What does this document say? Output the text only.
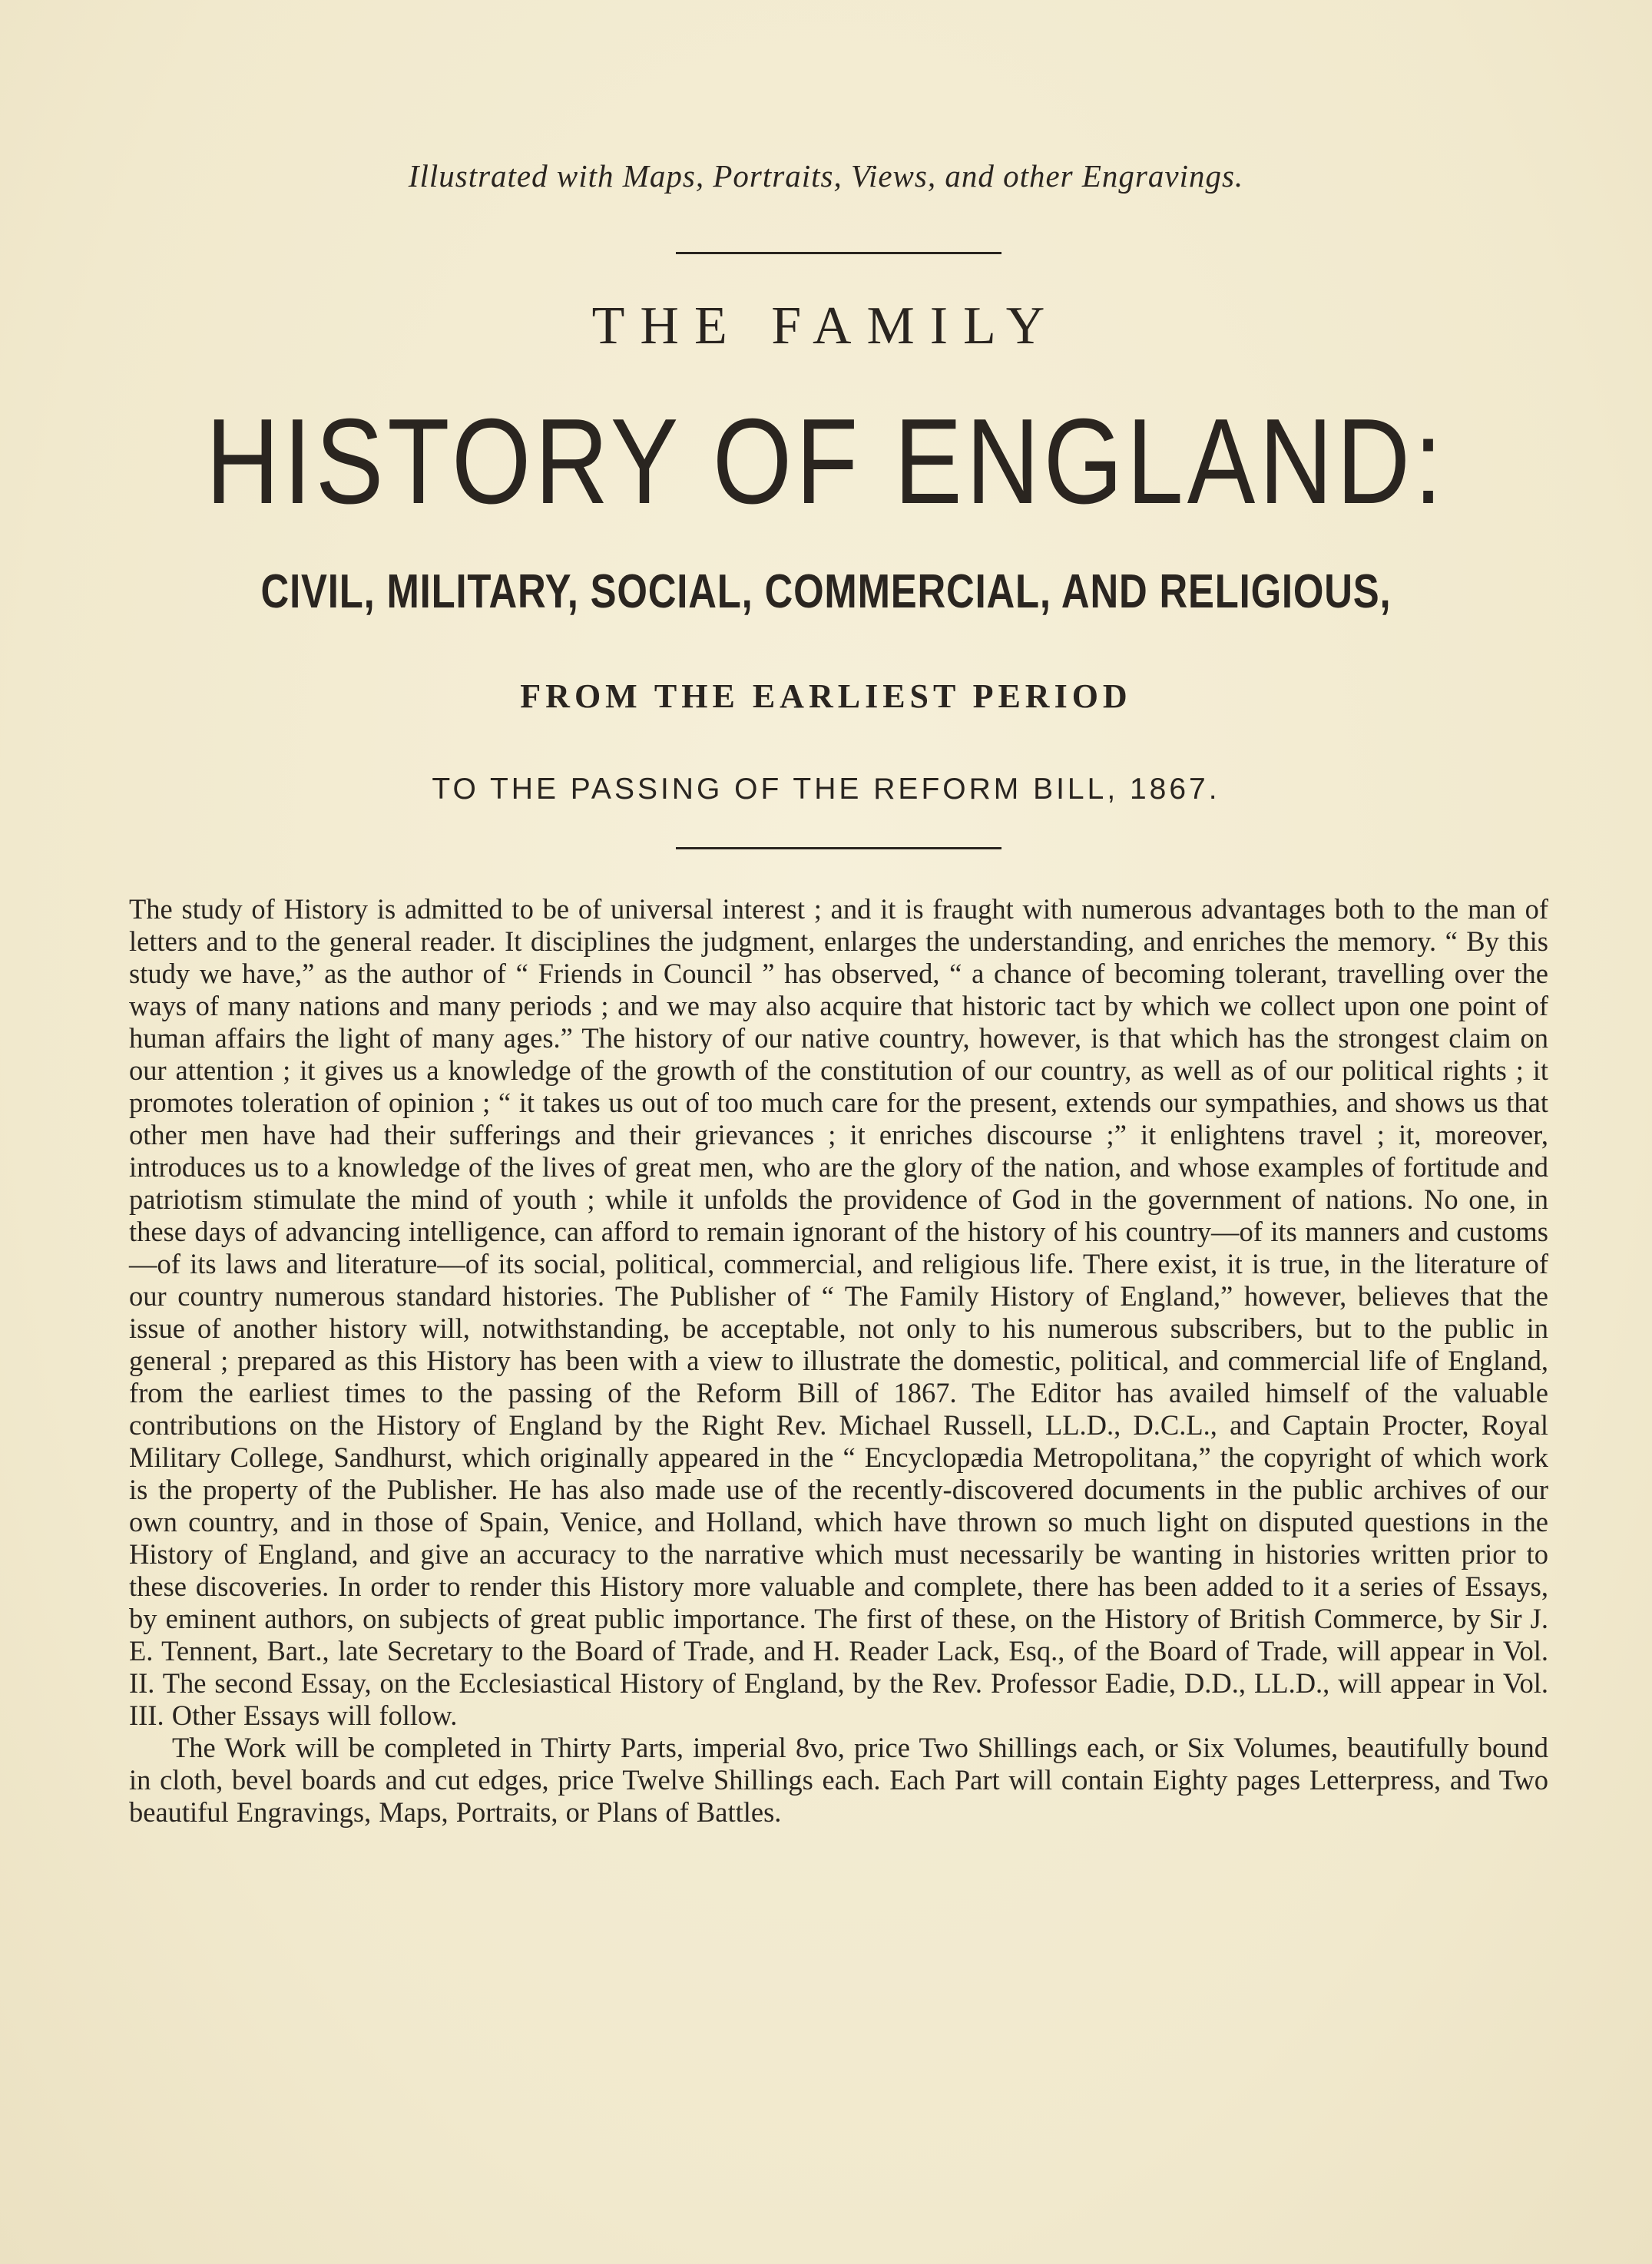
Illustrated with Maps, Portraits, Views, and other Engravings.
THE FAMILY
HISTORY OF ENGLAND:
CIVIL, MILITARY, SOCIAL, COMMERCIAL, AND RELIGIOUS,
FROM THE EARLIEST PERIOD
TO THE PASSING OF THE REFORM BILL, 1867.

The study of History is admitted to be of universal interest ; and it is fraught with numerous advantages both to the man of letters and to the general reader. It disciplines the judgment, enlarges the understanding, and enriches the memory. “ By this study we have,” as the author of “ Friends in Council ” has observed, “ a chance of becoming tolerant, travelling over the ways of many nations and many periods ; and we may also acquire that historic tact by which we collect upon one point of human affairs the light of many ages.” The history of our native country, however, is that which has the strongest claim on our attention ; it gives us a knowledge of the growth of the constitution of our country, as well as of our political rights ; it promotes toleration of opinion ; “ it takes us out of too much care for the present, extends our sympathies, and shows us that other men have had their sufferings and their grievances ; it enriches discourse ;” it enlightens travel ; it, moreover, introduces us to a knowledge of the lives of great men, who are the glory of the nation, and whose examples of fortitude and patriotism stimulate the mind of youth ; while it unfolds the providence of God in the government of nations. No one, in these days of advancing intelligence, can afford to remain ignorant of the history of his country—of its manners and customs—of its laws and literature—of its social, political, commercial, and religious life. There exist, it is true, in the literature of our country numerous standard histories. The Publisher of “ The Family History of England,” however, believes that the issue of another history will, notwithstanding, be acceptable, not only to his numerous subscribers, but to the public in general ; prepared as this History has been with a view to illustrate the domestic, political, and commercial life of England, from the earliest times to the passing of the Reform Bill of 1867. The Editor has availed himself of the valuable contributions on the History of England by the Right Rev. Michael Russell, LL.D., D.C.L., and Captain Procter, Royal Military College, Sandhurst, which originally appeared in the “ Encyclopædia Metropolitana,” the copyright of which work is the property of the Publisher. He has also made use of the recently-discovered documents in the public archives of our own country, and in those of Spain, Venice, and Holland, which have thrown so much light on disputed questions in the History of England, and give an accuracy to the narrative which must necessarily be wanting in histories written prior to these discoveries. In order to render this History more valuable and complete, there has been added to it a series of Essays, by eminent authors, on subjects of great public importance. The first of these, on the History of British Commerce, by Sir J. E. Tennent, Bart., late Secretary to the Board of Trade, and H. Reader Lack, Esq., of the Board of Trade, will appear in Vol. II. The second Essay, on the Ecclesiastical History of England, by the Rev. Professor Eadie, D.D., LL.D., will appear in Vol. III. Other Essays will follow.

The Work will be completed in Thirty Parts, imperial 8vo, price Two Shillings each, or Six Volumes, beautifully bound in cloth, bevel boards and cut edges, price Twelve Shillings each. Each Part will contain Eighty pages Letterpress, and Two beautiful Engravings, Maps, Portraits, or Plans of Battles.
